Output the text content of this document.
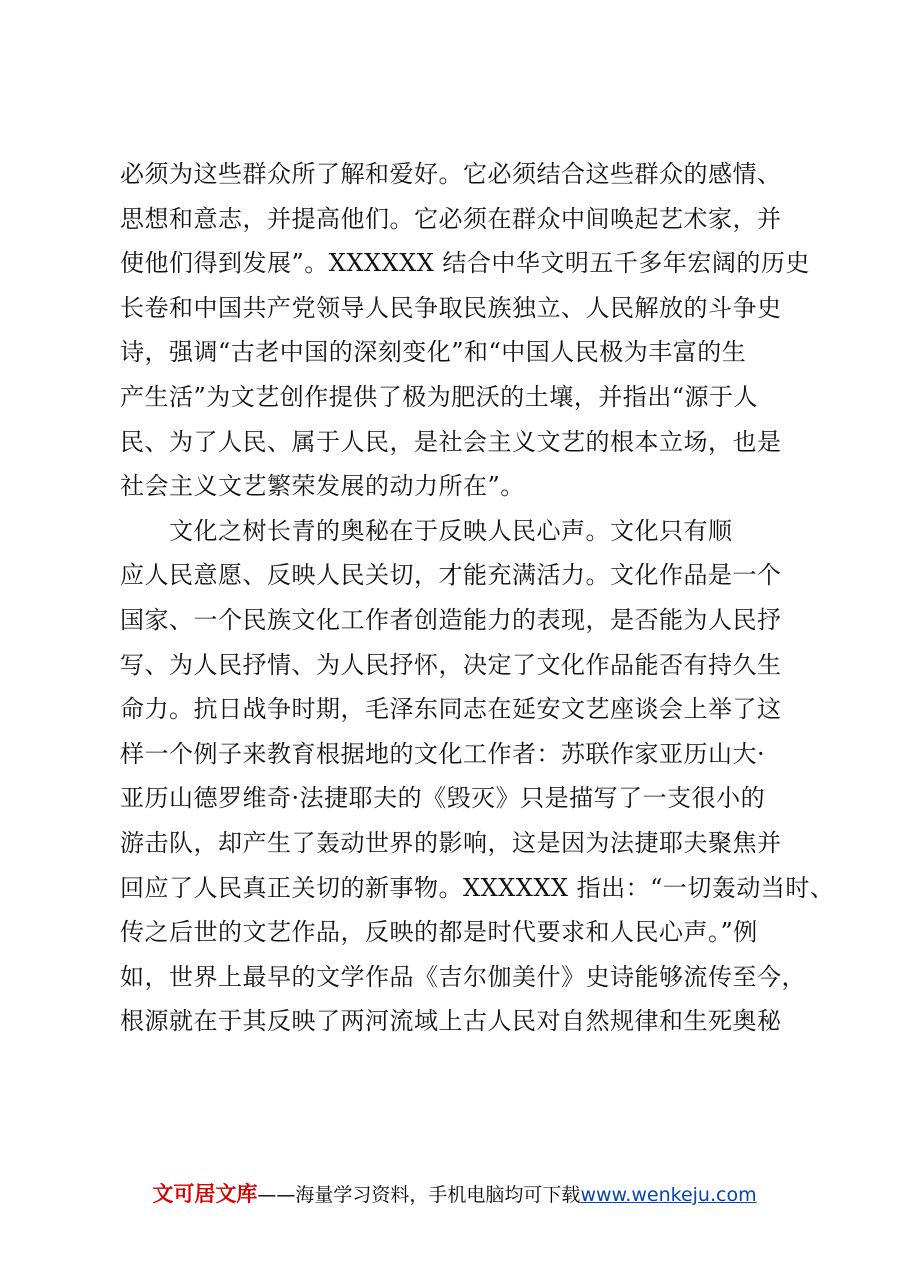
必须为这些群众所了解和爱好。它必须结合这些群众的感情、
思想和意志，并提高他们。它必须在群众中间唤起艺术家，并
使他们得到发展”。XXXXXX 结合中华文明五千多年宏阔的历史
长卷和中国共产党领导人民争取民族独立、人民解放的斗争史
诗，强调“古老中国的深刻变化”和“中国人民极为丰富的生
产生活”为文艺创作提供了极为肥沃的土壤，并指出“源于人
民、为了人民、属于人民，是社会主义文艺的根本立场，也是
社会主义文艺繁荣发展的动力所在”。
　　文化之树长青的奥秘在于反映人民心声。文化只有顺
应人民意愿、反映人民关切，才能充满活力。文化作品是一个
国家、一个民族文化工作者创造能力的表现，是否能为人民抒
写、为人民抒情、为人民抒怀，决定了文化作品能否有持久生
命力。抗日战争时期，毛泽东同志在延安文艺座谈会上举了这
样一个例子来教育根据地的文化工作者：苏联作家亚历山大·
亚历山德罗维奇·法捷耶夫的《毁灭》只是描写了一支很小的
游击队，却产生了轰动世界的影响，这是因为法捷耶夫聚焦并
回应了人民真正关切的新事物。XXXXXX 指出：“一切轰动当时、
传之后世的文艺作品，反映的都是时代要求和人民心声。”例
如，世界上最早的文学作品《吉尔伽美什》史诗能够流传至今，
根源就在于其反映了两河流域上古人民对自然规律和生死奥秘
文可居文库——海量学习资料，手机电脑均可下载www.wenkeju.com
